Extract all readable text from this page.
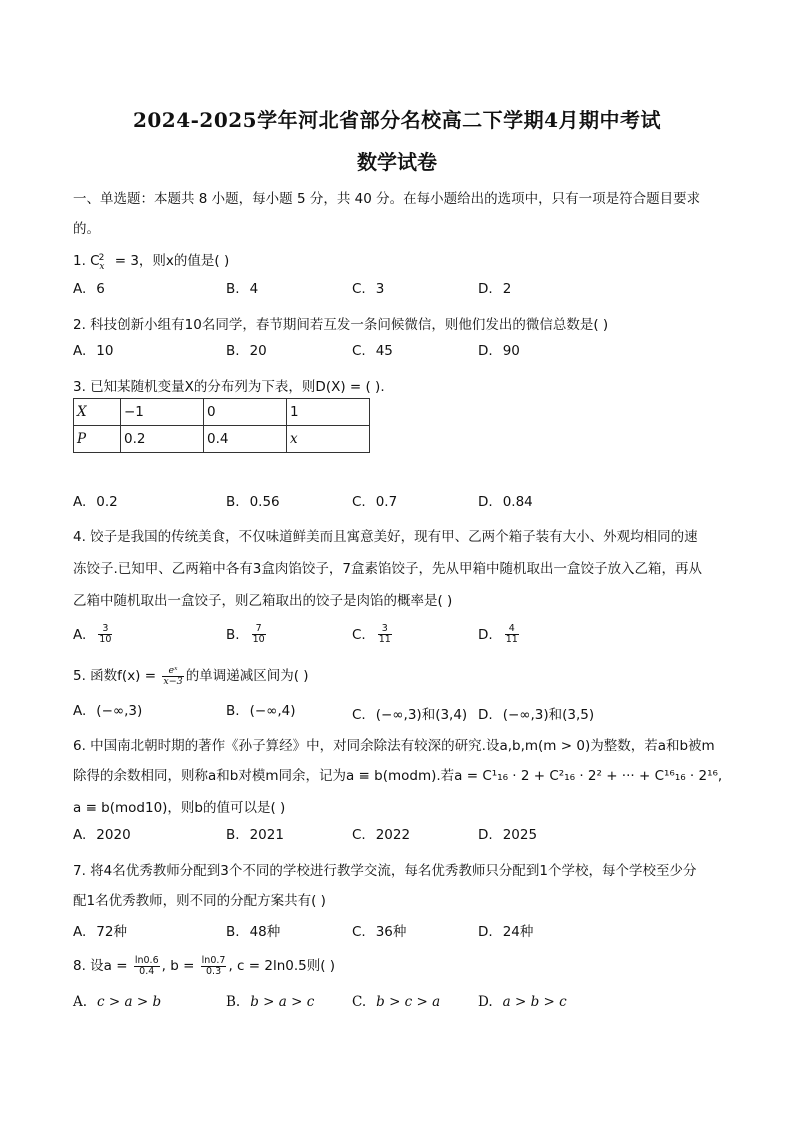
2024-2025学年河北省部分名校高二下学期4月期中考试
数学试卷
一、单选题：本题共 8 小题，每小题 5 分，共 40 分。在每小题给出的选项中，只有一项是符合题目要求
的。
1. $C^2_x = 3$，则x的值是( )
A. 6	B. 4	C. 3	D. 2
2. 科技创新小组有10名同学，春节期间若互发一条问候微信，则他们发出的微信总数是( )
A. 10	B. 20	C. 45	D. 90
3. 已知某随机变量X的分布列为下表，则D(X) = ( ).
X	−1	0	1
P	0.2	0.4	x
A. 0.2	B. 0.56	C. 0.7	D. 0.84
4. 饺子是我国的传统美食，不仅味道鲜美而且寓意美好，现有甲、乙两个箱子装有大小、外观均相同的速
冻饺子.已知甲、乙两箱中各有3盒肉馅饺子，7盒素馅饺子，先从甲箱中随机取出一盒饺子放入乙箱，再从
乙箱中随机取出一盒饺子，则乙箱取出的饺子是肉馅的概率是( )
A. $\frac{3}{10}$	B. $\frac{7}{10}$	C. $\frac{3}{11}$	D. $\frac{4}{11}$
5. 函数$f(x) = \frac{\text{eˣ}}{x-3}$ 的单调递减区间为( )
A. (−∞,3)	B. (−∞,4)	C. (−∞,3)和(3,4) D. (−∞,3)和(3,5)
6. 中国南北朝时期的著作《孙子算经》中，对同余除法有较深的研究.设a,b,m(m > 0)为整数，若a和b被m
除得的余数相同，则称a和b对模m同余，记为a ≡ b(modm).若a = C¹₁₆ · 2 + C²₁₆ · 2² + ··· + C¹⁶₁₆ · 2¹⁶,
a ≡ b(mod10)，则b的值可以是( )
A. 2020	B. 2021	C. 2022	D. 2025
7. 将4名优秀教师分配到3个不同的学校进行教学交流，每名优秀教师只分配到1个学校，每个学校至少分
配1名优秀教师，则不同的分配方案共有( )
A. 72种	B. 48种	C. 36种	D. 24种
8. 设$a = \frac{\ln 0.6}{0.4}$ , $b = \frac{\ln 0.7}{0.3}$ , c = 2ln0.5则( )
A. c > a > b	B. b > a > c	C. b > c > a	D. a > b > c
